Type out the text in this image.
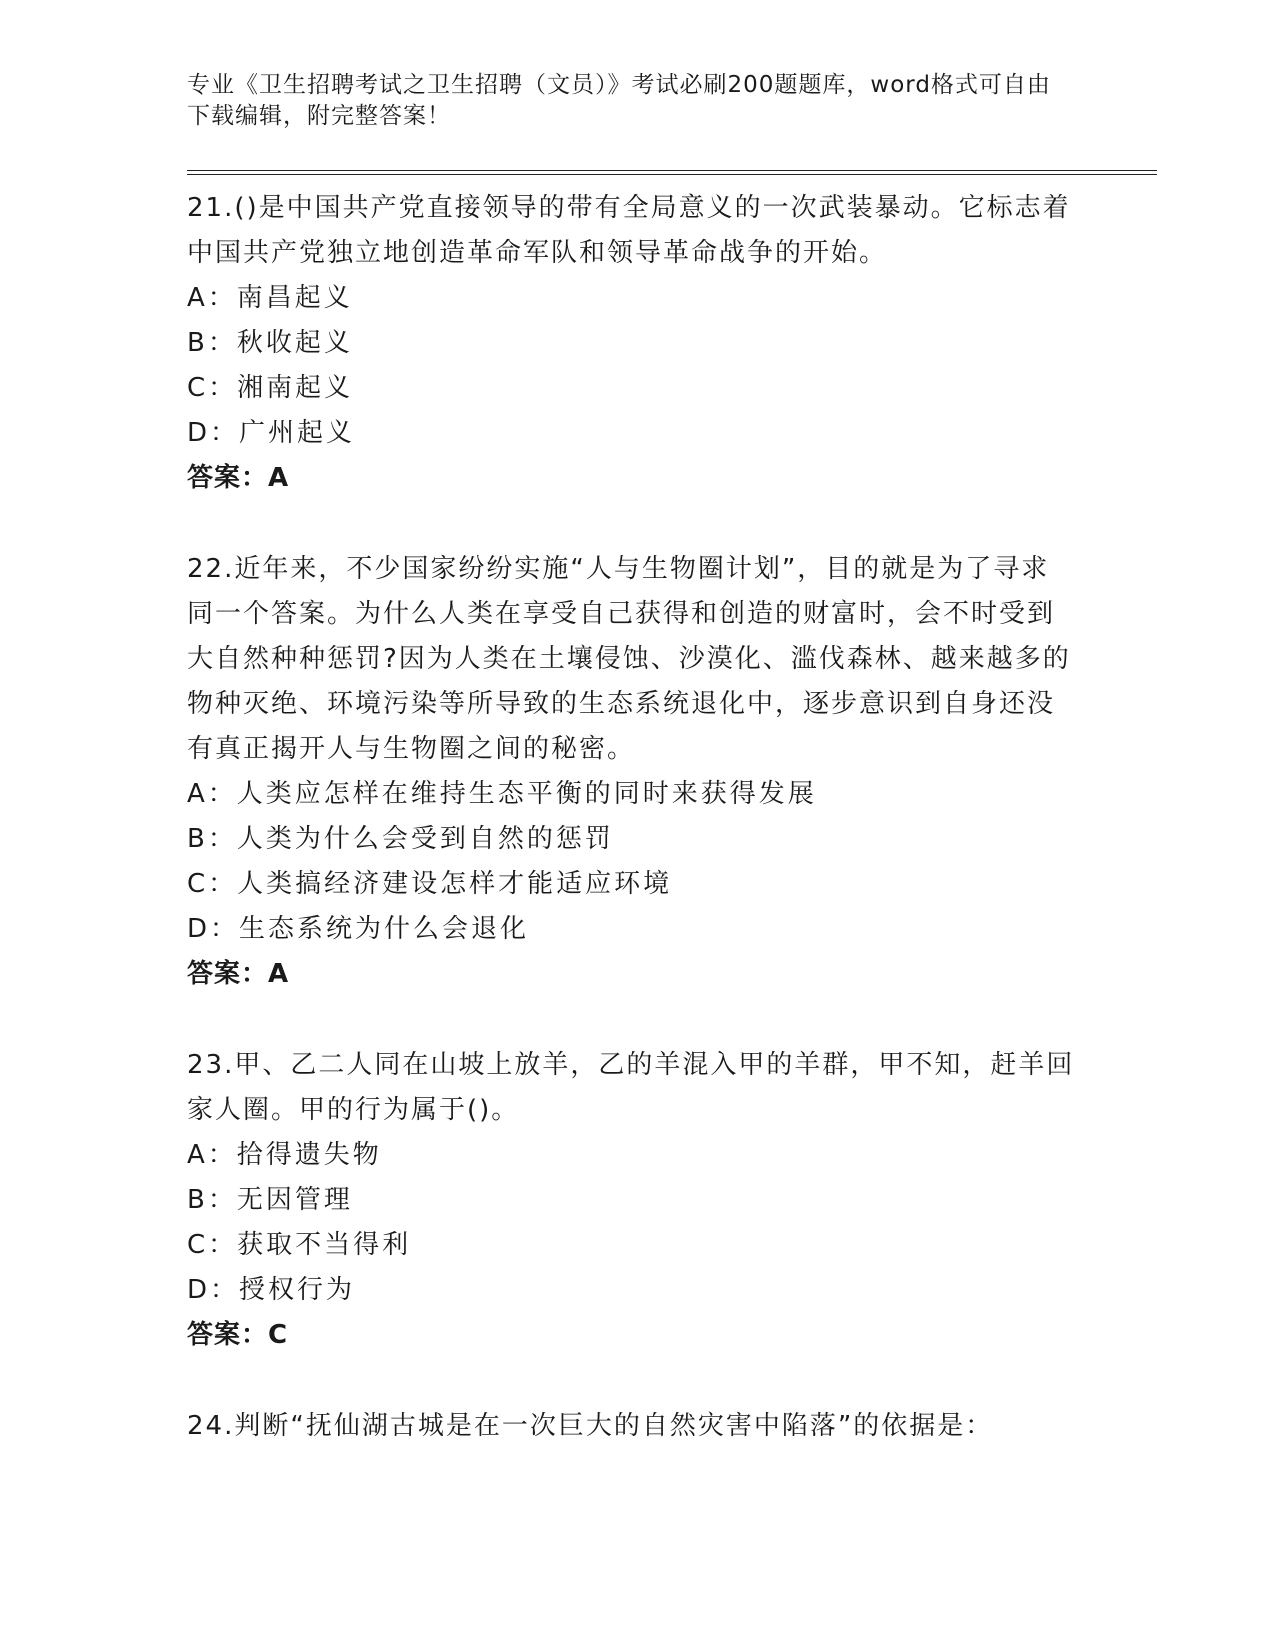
专业《卫生招聘考试之卫生招聘（文员）》考试必刷200题题库，word格式可自由下载编辑，附完整答案！

21.()是中国共产党直接领导的带有全局意义的一次武装暴动。它标志着中国共产党独立地创造革命军队和领导革命战争的开始。

A：南昌起义

B：秋收起义

C：湘南起义

D：广州起义

答案：A

22.近年来，不少国家纷纷实施“人与生物圈计划”，目的就是为了寻求同一个答案。为什么人类在享受自己获得和创造的财富时，会不时受到大自然种种惩罚?因为人类在土壤侵蚀、沙漠化、滥伐森林、越来越多的物种灭绝、环境污染等所导致的生态系统退化中，逐步意识到自身还没有真正揭开人与生物圈之间的秘密。

A：人类应怎样在维持生态平衡的同时来获得发展

B：人类为什么会受到自然的惩罚

C：人类搞经济建设怎样才能适应环境

D：生态系统为什么会退化

答案：A

23.甲、乙二人同在山坡上放羊，乙的羊混入甲的羊群，甲不知，赶羊回家人圈。甲的行为属于()。

A：拾得遗失物

B：无因管理

C：获取不当得利

D：授权行为

答案：C

24.判断“抚仙湖古城是在一次巨大的自然灾害中陷落”的依据是：
